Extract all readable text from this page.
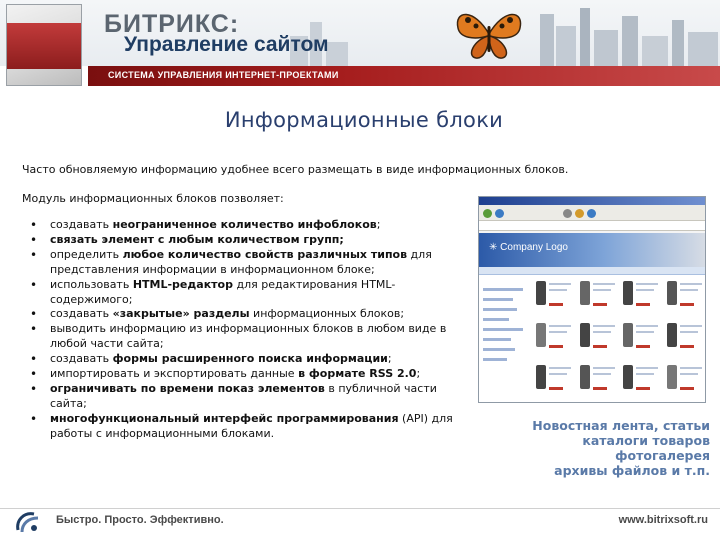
БИТРИКС:
Управление сайтом
СИСТЕМА УПРАВЛЕНИЯ ИНТЕРНЕТ-ПРОЕКТАМИ
Информационные блоки

Часто обновляемую информацию удобнее всего размещать в виде информационных блоков.

Модуль информационных блоков позволяет:

• создавать неограниченное количество инфоблоков;
• связать элемент с любым количеством групп;
• определить любое количество свойств различных типов для представления информации в информационном блоке;
• использовать HTML-редактор для редактирования HTML-содержимого;
• создавать «закрытые» разделы информационных блоков;
• выводить информацию из информационных блоков в любом виде в любой части сайта;
• создавать формы расширенного поиска информации;
• импортировать и экспортировать данные в формате RSS 2.0;
• ограничивать по времени показ элементов в публичной части сайта;
• многофункциональный интерфейс программирования (API) для работы с информационными блоками.
✳ Company Logo
Новостная лента, статьи
каталоги товаров
фотогалерея
архивы файлов и т.п.
Быстро. Просто. Эффективно.	www.bitrixsoft.ru
